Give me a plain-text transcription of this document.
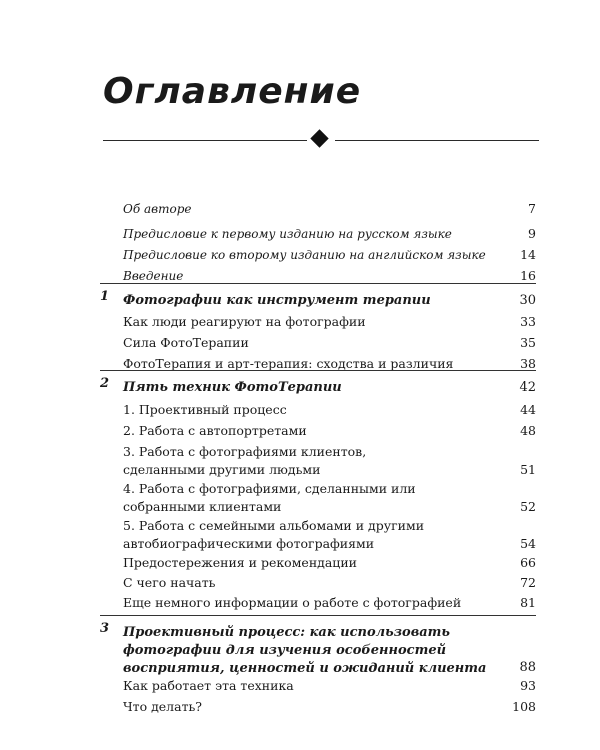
Оглавление
Об авторе	7
Предисловие к первому изданию на русском языке	9
Предисловие ко второму изданию на английском языке	14
Введение	16
1 Фотографии как инструмент терапии	30
Как люди реагируют на фотографии	33
Сила ФотоТерапии	35
ФотоТерапия и арт-терапия: сходства и различия	38
2 Пять техник ФотоТерапии	42
1. Проективный процесс	44
2. Работа с автопортретами	48
3. Работа с фотографиями клиентов, сделанными другими людьми	51
4. Работа с фотографиями, сделанными или собранными клиентами	52
5. Работа с семейными альбомами и другими автобиографическими фотографиями	54
Предостережения и рекомендации	66
С чего начать	72
Еще немного информации о работе с фотографией	81
3 Проективный процесс: как использовать фотографии для изучения особенностей восприятия, ценностей и ожиданий клиента	88
Как работает эта техника	93
Что делать?	108
